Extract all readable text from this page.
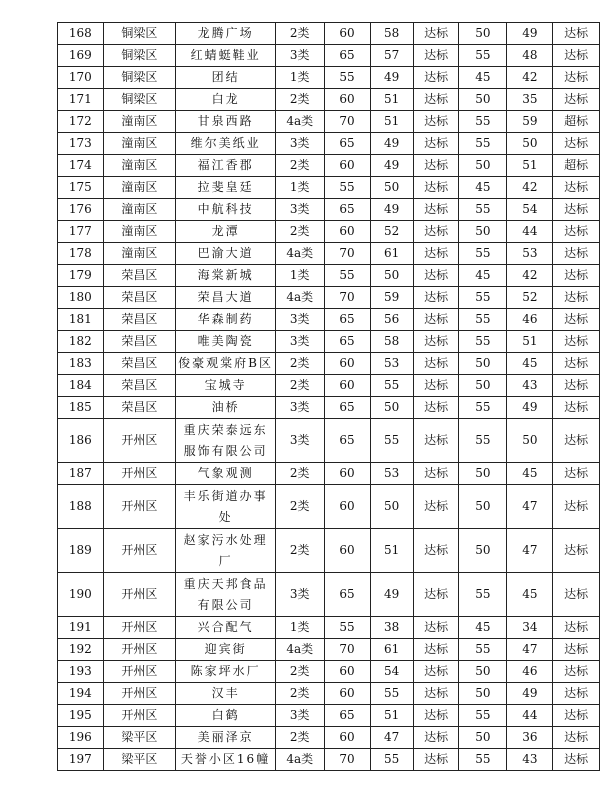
168	铜梁区	龙腾广场	2类	60	58	达标	50	49	达标
169	铜梁区	红蜻蜓鞋业	3类	65	57	达标	55	48	达标
170	铜梁区	团结	1类	55	49	达标	45	42	达标
171	铜梁区	白龙	2类	60	51	达标	50	35	达标
172	潼南区	甘泉西路	4a类	70	51	达标	55	59	超标
173	潼南区	维尔美纸业	3类	65	49	达标	55	50	达标
174	潼南区	福江香郡	2类	60	49	达标	50	51	超标
175	潼南区	拉斐皇廷	1类	55	50	达标	45	42	达标
176	潼南区	中航科技	3类	65	49	达标	55	54	达标
177	潼南区	龙潭	2类	60	52	达标	50	44	达标
178	潼南区	巴渝大道	4a类	70	61	达标	55	53	达标
179	荣昌区	海棠新城	1类	55	50	达标	45	42	达标
180	荣昌区	荣昌大道	4a类	70	59	达标	55	52	达标
181	荣昌区	华森制药	3类	65	56	达标	55	46	达标
182	荣昌区	唯美陶瓷	3类	65	58	达标	55	51	达标
183	荣昌区	俊豪观棠府B区	2类	60	53	达标	50	45	达标
184	荣昌区	宝城寺	2类	60	55	达标	50	43	达标
185	荣昌区	油桥	3类	65	50	达标	55	49	达标
186	开州区	重庆荣泰远东服饰有限公司	3类	65	55	达标	55	50	达标
187	开州区	气象观测	2类	60	53	达标	50	45	达标
188	开州区	丰乐街道办事处	2类	60	50	达标	50	47	达标
189	开州区	赵家污水处理厂	2类	60	51	达标	50	47	达标
190	开州区	重庆天邦食品有限公司	3类	65	49	达标	55	45	达标
191	开州区	兴合配气	1类	55	38	达标	45	34	达标
192	开州区	迎宾街	4a类	70	61	达标	55	47	达标
193	开州区	陈家坪水厂	2类	60	54	达标	50	46	达标
194	开州区	汉丰	2类	60	55	达标	50	49	达标
195	开州区	白鹤	3类	65	51	达标	55	44	达标
196	梁平区	美丽泽京	2类	60	47	达标	50	36	达标
197	梁平区	天誉小区16幢	4a类	70	55	达标	55	43	达标
